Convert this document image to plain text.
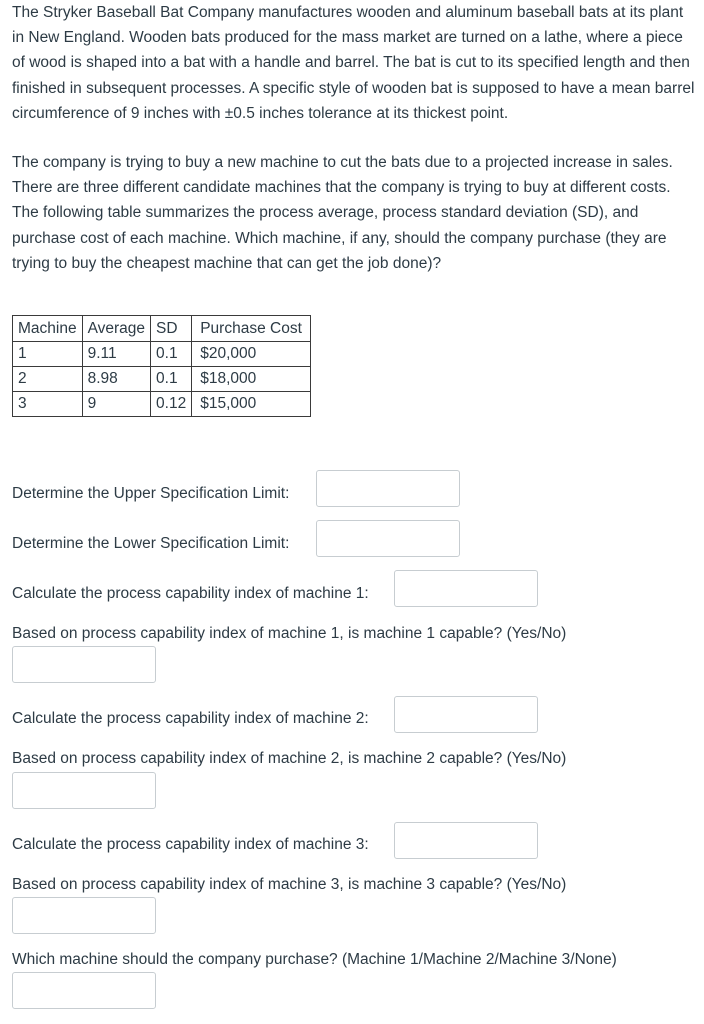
The Stryker Baseball Bat Company manufactures wooden and aluminum baseball bats at its plant in New England. Wooden bats produced for the mass market are turned on a lathe, where a piece of wood is shaped into a bat with a handle and barrel. The bat is cut to its specified length and then finished in subsequent processes. A specific style of wooden bat is supposed to have a mean barrel circumference of 9 inches with ±0.5 inches tolerance at its thickest point.

The company is trying to buy a new machine to cut the bats due to a projected increase in sales. There are three different candidate machines that the company is trying to buy at different costs. The following table summarizes the process average, process standard deviation (SD), and purchase cost of each machine. Which machine, if any, should the company purchase (they are trying to buy the cheapest machine that can get the job done)?

Machine	Average	SD	Purchase Cost
1	9.11	0.1	$20,000
2	8.98	0.1	$18,000
3	9	0.12	$15,000
Determine the Upper Specification Limit:
Determine the Lower Specification Limit:
Calculate the process capability index of machine 1:
Based on process capability index of machine 1, is machine 1 capable? (Yes/No)
Calculate the process capability index of machine 2:
Based on process capability index of machine 2, is machine 2 capable? (Yes/No)
Calculate the process capability index of machine 3:
Based on process capability index of machine 3, is machine 3 capable? (Yes/No)
Which machine should the company purchase? (Machine 1/Machine 2/Machine 3/None)
